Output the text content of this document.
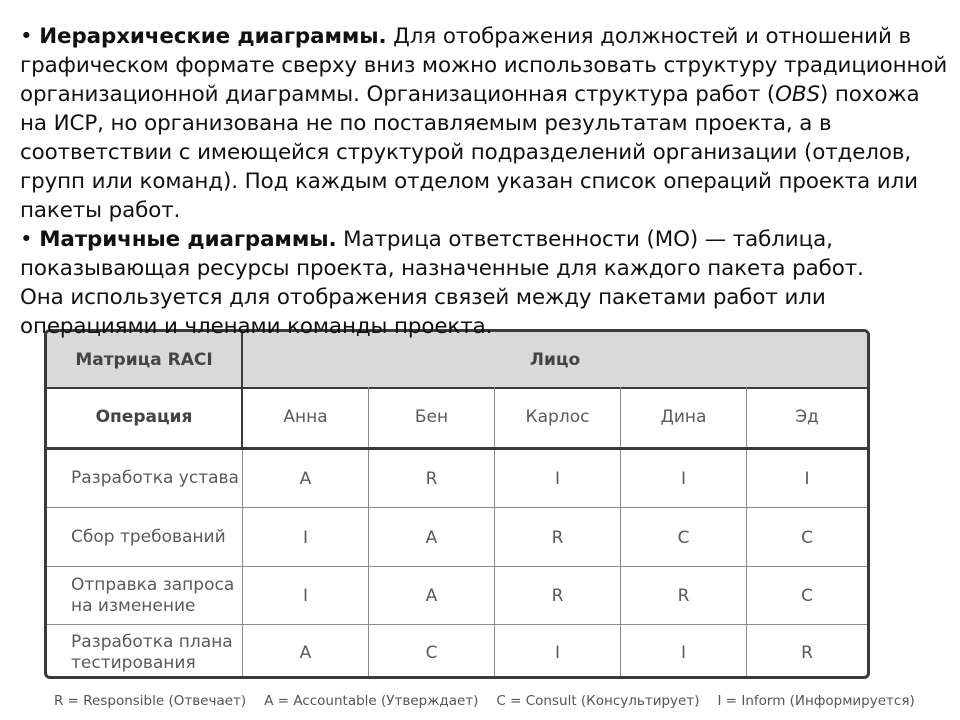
Матрица RACI	Лицо
Операция	Анна	Бен	Карлос	Дина	Эд
Разработка устава	A	R	I	I	I
Сбор требований	I	A	R	C	C
Отправка запроса на изменение	I	A	R	R	C
Разработка плана тестирования	A	C	I	I	R
R = Responsible (Отвечает) A = Accountable (Утверждает) C = Consult (Консультирует) I = Inform (Информируется)

• Иерархические диаграммы. Для отображения должностей и отношений в графическом формате сверху вниз можно использовать структуру традиционной организационной диаграммы. Организационная структура работ (OBS) похожа на ИСР, но организована не по поставляемым результатам проекта, а в соответствии с имеющейся структурой подразделений организации (отделов, групп или команд). Под каждым отделом указан список операций проекта или пакеты работ.

• Матричные диаграммы. Матрица ответственности (МО) — таблица, показывающая ресурсы проекта, назначенные для каждого пакета работ.

Она используется для отображения связей между пакетами работ или операциями и членами команды проекта.
